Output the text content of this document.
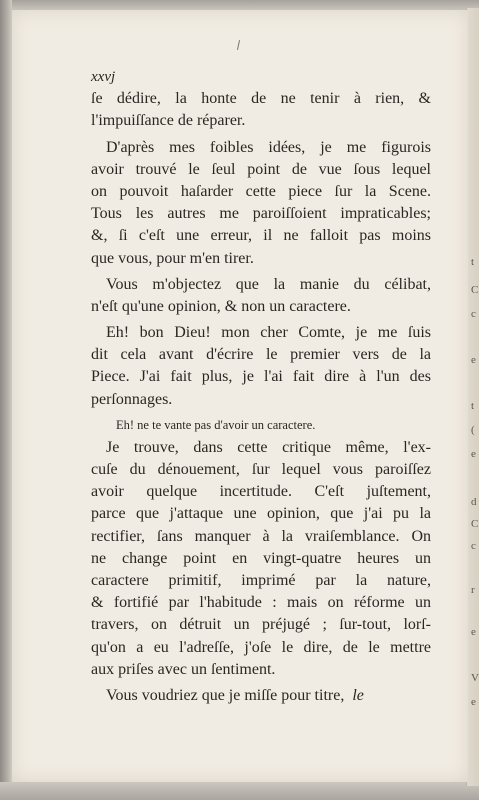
t
C
c
e
t
(
e
d
C
c
r
e
V
e
xxvj
ſe dédire, la honte de ne tenir à rien, &
l'impuiſſance de réparer.
D'après mes foibles idées, je me figurois
avoir trouvé le ſeul point de vue ſous lequel
on pouvoit haſarder cette piece ſur la Scene.
Tous les autres me paroiſſoient impraticables;
&, ſi c'eſt une erreur, il ne falloit pas moins
que vous, pour m'en tirer.
Vous m'objectez que la manie du célibat,
n'eſt qu'une opinion, & non un caractere.
Eh! bon Dieu! mon cher Comte, je me ſuis
dit cela avant d'écrire le premier vers de la
Piece. J'ai fait plus, je l'ai fait dire à l'un des
perſonnages.
Eh! ne te vante pas d'avoir un caractere.
Je trouve, dans cette critique même, l'ex-
cuſe du dénouement, ſur lequel vous paroiſſez
avoir quelque incertitude. C'eſt juſtement,
parce que j'attaque une opinion, que j'ai pu la
rectifier, ſans manquer à la vraiſemblance. On
ne change point en vingt-quatre heures un
caractere primitif, imprimé par la nature,
& fortifié par l'habitude : mais on réforme un
travers, on détruit un préjugé ; ſur-tout, lorſ-
qu'on a eu l'adreſſe, j'oſe le dire, de le mettre
aux priſes avec un ſentiment.
Vous voudriez que je miſſe pour titre, le
